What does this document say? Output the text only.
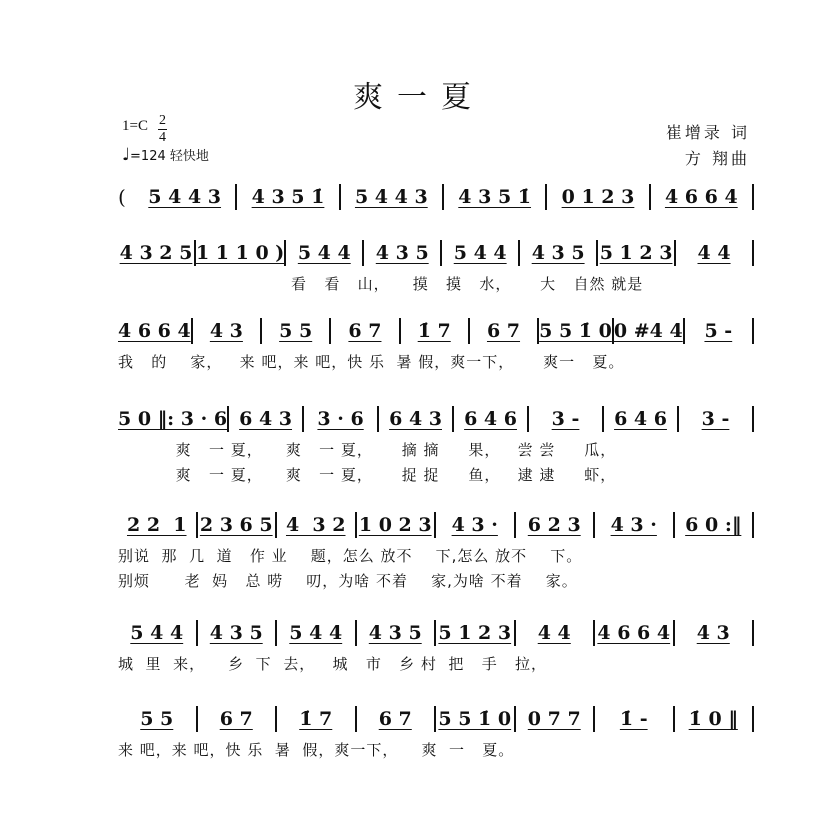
爽一夏
1=C 2
4
♩=124 轻快地
崔增录 词
方 翔曲
(	5 4 4 3	4 3 5 1̇	5 4 4 3	4 3 5 1̇	0 1 2 3	4 6 6 4
4 3 2 5 1 1 1 0 ) 5 4 4	4 3 5	5 4 4	4 3 5 5 1 2 3	4 4
看   看   山，    摸   摸   水，     大   自然 就是
4 6 6 4	4 3	5 5	6 7	1̇ 7	6 7	5 5 1̇ 0 0 #4 4	5 -
我   的    家，   来 吧，来 吧，快 乐  暑 假，爽一下，     爽一   夏。
5 0 ‖: 3 · 6 6 4 3	3 · 6	6 4 3	6 4 6	3 -	6 4 6	3 -
爽   一 夏，    爽   一 夏，     摘 摘     果，   尝 尝     瓜，
爽   一 夏，    爽   一 夏，     捉 捉     鱼，   逮 逮     虾，
2 2  1 2 3 6 5 4  3 2 1 0 2 3	4 3 ·	6 2 3	4 3 ·	6 0 :‖
别说  那  几  道   作 业    题，怎么 放不    下,怎么 放不    下。
别烦      老  妈   总 唠    叨，为啥 不着    家,为啥 不着    家。
5 4 4	4 3 5	5 4 4	4 3 5 5 1 2 3	4 4	4 6 6 4	4 3
城  里  来，    乡  下  去，   城   市   乡 村  把   手   拉，
5 5	6 7	1̇ 7	6 7	5 5 1̇ 0 0 7 7	1̇ -	1̇ 0 ‖
来 吧，来 吧，快 乐  暑  假，爽一下，    爽  一   夏。
